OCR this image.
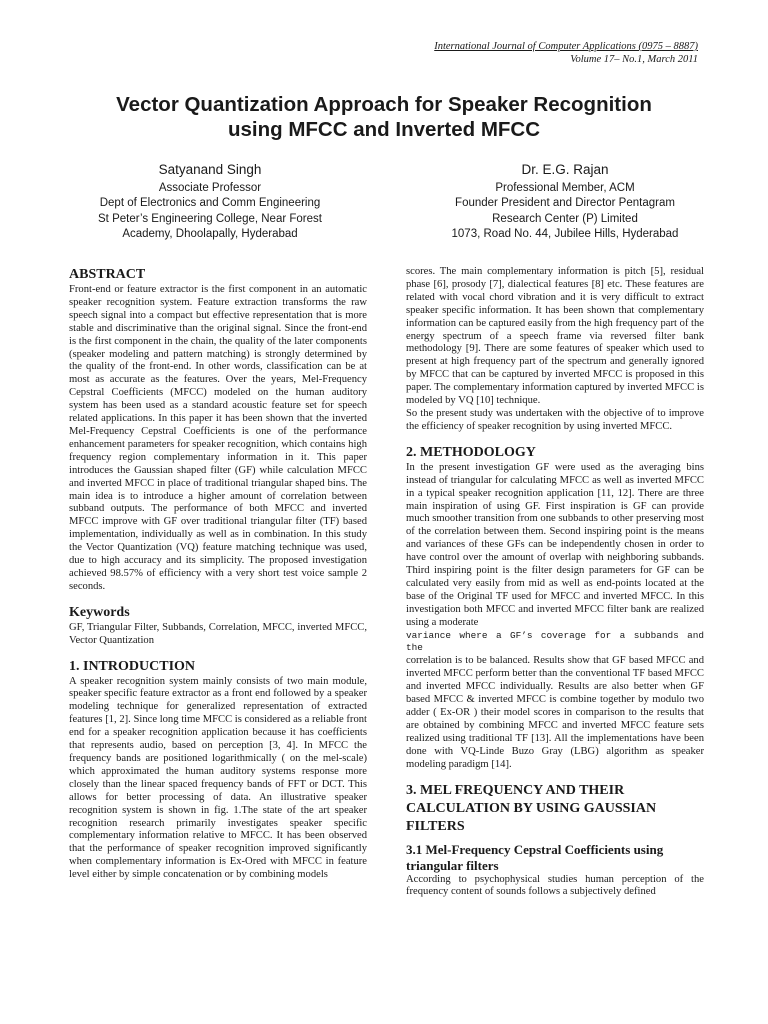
International Journal of Computer Applications (0975 – 8887)
Volume 17– No.1, March 2011
Vector Quantization Approach for Speaker Recognition
using MFCC and Inverted MFCC
Satyanand Singh
Associate Professor
Dept of Electronics and Comm Engineering
St Peter’s Engineering College, Near Forest
Academy, Dhoolapally, Hyderabad
Dr. E.G. Rajan
Professional Member, ACM
Founder President and Director Pentagram
Research Center (P) Limited
1073, Road No. 44, Jubilee Hills, Hyderabad
ABSTRACT

Front-end or feature extractor is the first component in an automatic speaker recognition system. Feature extraction transforms the raw speech signal into a compact but effective representation that is more stable and discriminative than the original signal. Since the front-end is the first component in the chain, the quality of the later components (speaker modeling and pattern matching) is strongly determined by the quality of the front-end. In other words, classification can be at most as accurate as the features. Over the years, Mel-Frequency Cepstral Coefficients (MFCC) modeled on the human auditory system has been used as a standard acoustic feature set for speech related applications. In this paper it has been shown that the inverted Mel-Frequency Cepstral Coefficients is one of the performance enhancement parameters for speaker recognition, which contains high frequency region complementary information in it. This paper introduces the Gaussian shaped filter (GF) while calculation MFCC and inverted MFCC in place of traditional triangular shaped bins. The main idea is to introduce a higher amount of correlation between subband outputs. The performance of both MFCC and inverted MFCC improve with GF over traditional triangular filter (TF) based implementation, individually as well as in combination. In this study the Vector Quantization (VQ) feature matching technique was used, due to high accuracy and its simplicity. The proposed investigation achieved 98.57% of efficiency with a very short test voice sample 2 seconds.

Keywords

GF, Triangular Filter, Subbands, Correlation, MFCC, inverted MFCC, Vector Quantization

1. INTRODUCTION

A speaker recognition system mainly consists of two main module, speaker specific feature extractor as a front end followed by a speaker modeling technique for generalized representation of extracted features [1, 2]. Since long time MFCC is considered as a reliable front end for a speaker recognition application because it has coefficients that represents audio, based on perception [3, 4]. In MFCC the frequency bands are positioned logarithmically ( on the mel-scale) which approximated the human auditory systems response more closely than the linear spaced frequency bands of FFT or DCT. This allows for better processing of data. An illustrative speaker recognition system is shown in fig. 1.The state of the art speaker recognition research primarily investigates speaker specific complementary information relative to MFCC. It has been observed that the performance of speaker recognition improved significantly when complementary information is Ex-Ored with MFCC in feature level either by simple concatenation or by combining models

scores. The main complementary information is pitch [5], residual phase [6], prosody [7], dialectical features [8] etc. These features are related with vocal chord vibration and it is very difficult to extract speaker specific information. It has been shown that complementary information can be captured easily from the high frequency part of the energy spectrum of a speech frame via reversed filter bank methodology [9]. There are some features of speaker which used to present at high frequency part of the spectrum and generally ignored by MFCC that can be captured by inverted MFCC is proposed in this paper. The complementary information captured by inverted MFCC is modeled by VQ [10] technique.

So the present study was undertaken with the objective of to improve the efficiency of speaker recognition by using inverted MFCC.

2. METHODOLOGY

In the present investigation GF were used as the averaging bins instead of triangular for calculating MFCC as well as inverted MFCC in a typical speaker recognition application [11, 12]. There are three main inspiration of using GF. First inspiration is GF can provide much smoother transition from one subbands to other preserving most of the correlation between them. Second inspiring point is the means and variances of these GFs can be independently chosen in order to have control over the amount of overlap with neighboring subbands. Third inspiring point is the filter design parameters for GF can be calculated very easily from mid as well as end-points located at the base of the Original TF used for MFCC and inverted MFCC. In this investigation both MFCC and inverted MFCC filter bank are realized using a moderate

variance where a GF’s coverage for a subbands and the

correlation is to be balanced. Results show that GF based MFCC and inverted MFCC perform better than the conventional TF based MFCC and inverted MFCC individually. Results are also better when GF based MFCC & inverted MFCC is combine together by modulo two adder ( Ex-OR ) their model scores in comparison to the results that are obtained by combining MFCC and inverted MFCC feature sets realized using traditional TF [13]. All the implementations have been done with VQ-Linde Buzo Gray (LBG) algorithm as speaker modeling paradigm [14].

3. MEL FREQUENCY AND THEIR CALCULATION BY USING GAUSSIAN FILTERS
3.1 Mel-Frequency Cepstral Coefficients using triangular filters

According to psychophysical studies human perception of the frequency content of sounds follows a subjectively defined
